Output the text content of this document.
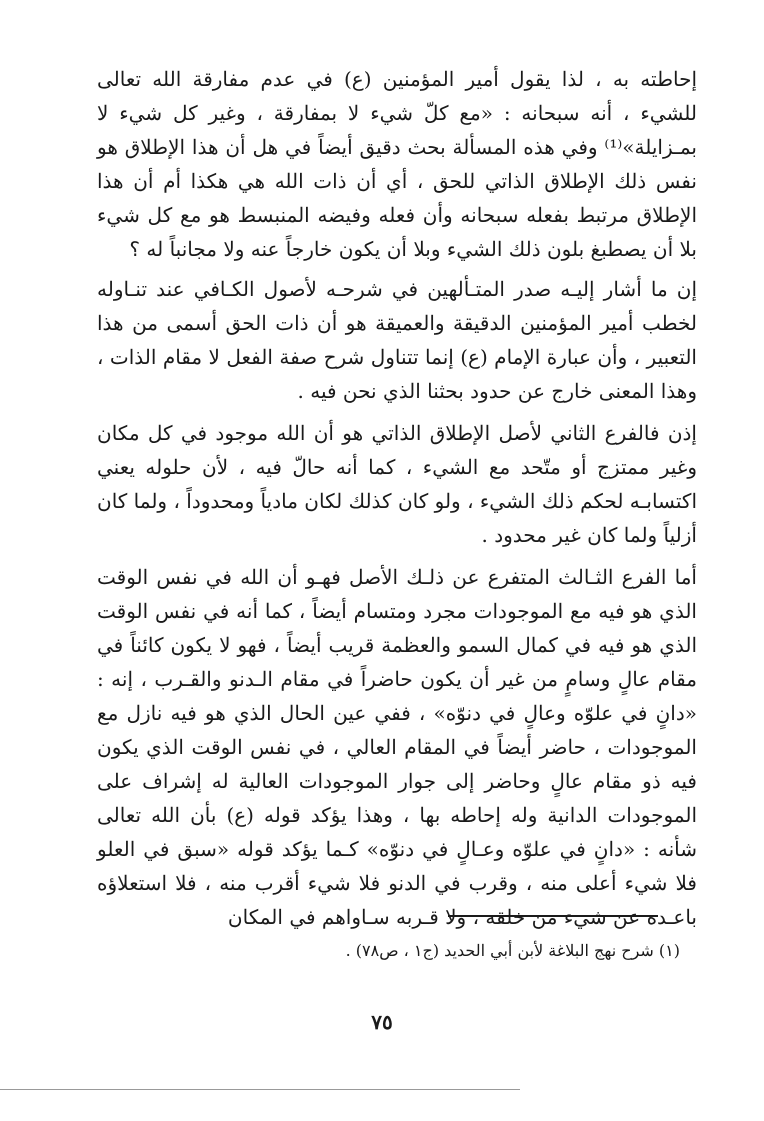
إحاطته به ، لذا يقول أمير المؤمنين (ع) في عدم مفارقة الله تعالى للشيء ، أنه سبحانه : «مع كلّ شيء لا بمفارقة ، وغير كل شيء لا بمـزايلة»⁽¹⁾ وفي هذه المسألة بحث دقيق أيضاً في هل أن هذا الإطلاق هو نفس ذلك الإطلاق الذاتي للحق ، أي أن ذات الله هي هكذا أم أن هذا الإطلاق مرتبط بفعله سبحانه وأن فعله وفيضه المنبسط هو مع كل شيء بلا أن يصطبغ بلون ذلك الشيء وبلا أن يكون خارجاً عنه ولا مجانباً له ؟

إن ما أشار إليـه صدر المتـألهين في شرحـه لأصول الكـافي عند تنـاوله لخطب أمير المؤمنين الدقيقة والعميقة هو أن ذات الحق أسمى من هذا التعبير ، وأن عبارة الإمام (ع) إنما تتناول شرح صفة الفعل لا مقام الذات ، وهذا المعنى خارج عن حدود بحثنا الذي نحن فيه .

إذن فالفرع الثاني لأصل الإطلاق الذاتي هو أن الله موجود في كل مكان وغير ممتزج أو متّحد مع الشيء ، كما أنه حالّ فيه ، لأن حلوله يعني اكتسابـه لحكم ذلك الشيء ، ولو كان كذلك لكان مادياً ومحدوداً ، ولما كان أزلياً ولما كان غير محدود .

أما الفرع الثـالث المتفرع عن ذلـك الأصل فهـو أن الله في نفس الوقت الذي هو فيه مع الموجودات مجرد ومتسام أيضاً ، كما أنه في نفس الوقت الذي هو فيه في كمال السمو والعظمة قريب أيضاً ، فهو لا يكون كائناً في مقام عالٍ وسامٍ من غير أن يكون حاضراً في مقام الـدنو والقـرب ، إنه : «دانٍ في علوّه وعالٍ في دنوّه» ، ففي عين الحال الذي هو فيه نازل مع الموجودات ، حاضر أيضاً في المقام العالي ، في نفس الوقت الذي يكون فيه ذو مقام عالٍ وحاضر إلى جوار الموجودات العالية له إشراف على الموجودات الدانية وله إحاطه بها ، وهذا يؤكد قوله (ع) بأن الله تعالى شأنه : «دانٍ في علوّه وعـالٍ في دنوّه» كـما يؤكد قوله «سبق في العلو فلا شيء أعلى منه ، وقرب في الدنو فلا شيء أقرب منه ، فلا استعلاؤه باعـده عن شيء من خلقه ، ولا قـربه سـاواهم في المكان

(١) شرح نهج البلاغة لأبن أبي الحديد (ج١ ، ص٧٨) .
٧٥
